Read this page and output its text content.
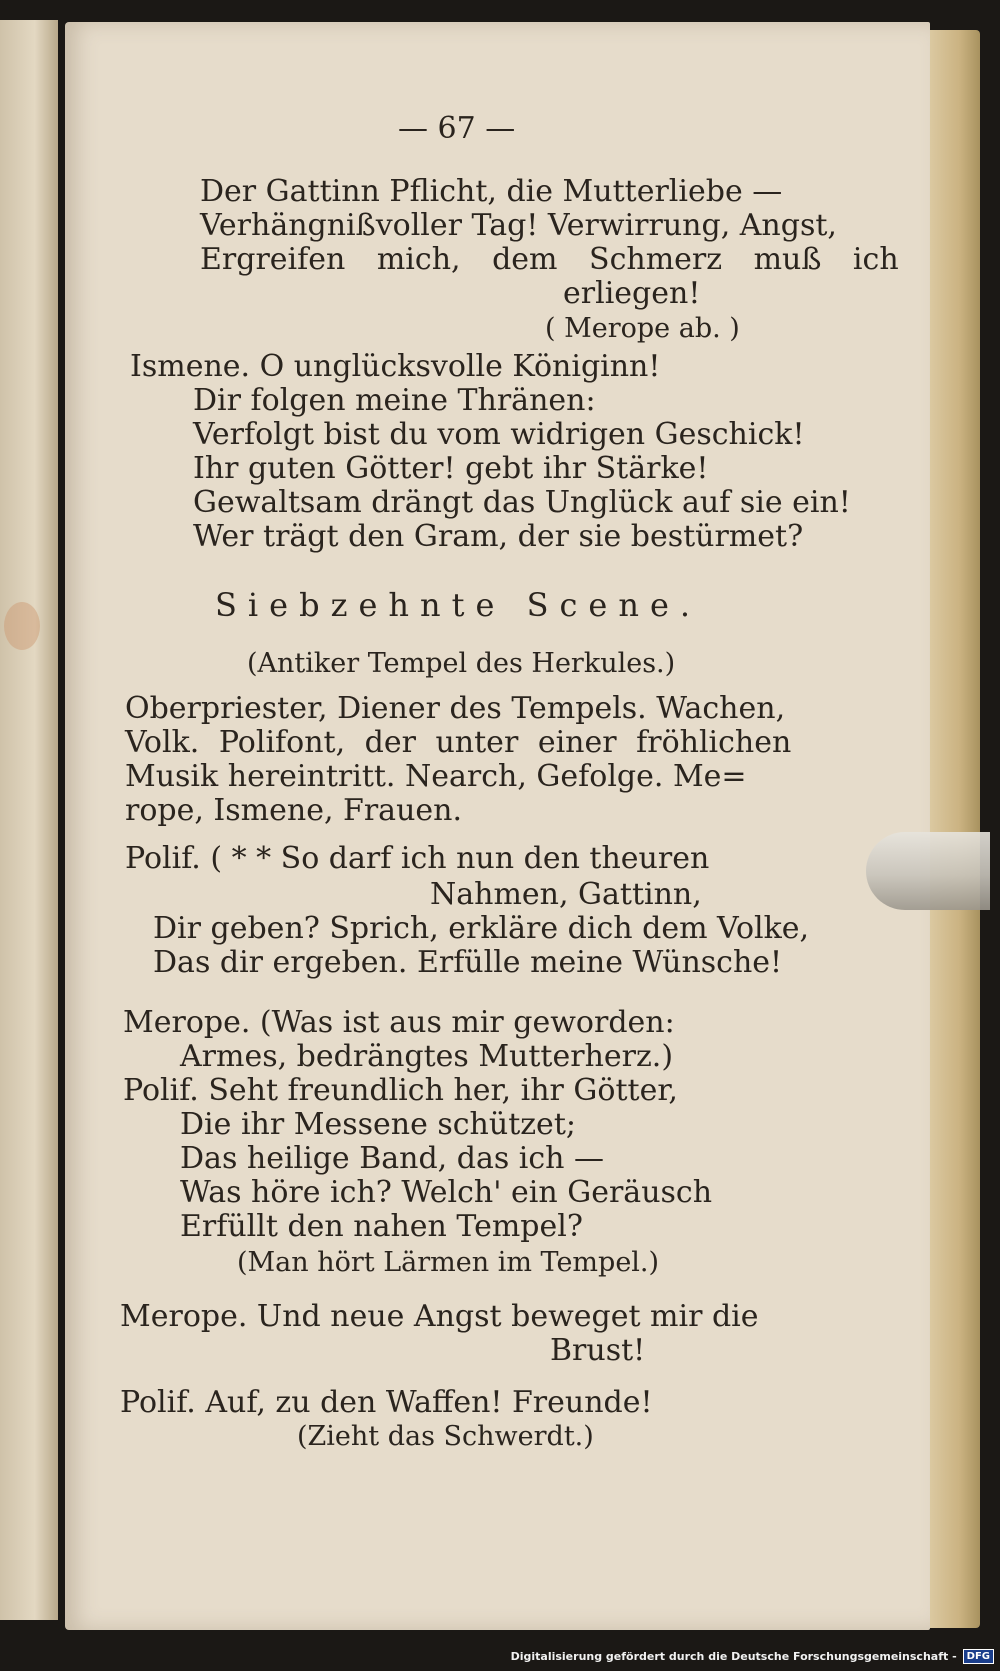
— 67 —
Der Gattinn Pflicht, die Mutterliebe —
Verhängnißvoller Tag! Verwirrung, Angst,
Ergreifen mich, dem Schmerz muß ich
erliegen!
( Merope ab. )
Ismene. O unglücksvolle Königinn!
Dir folgen meine Thränen:
Verfolgt bist du vom widrigen Geschick!
Ihr guten Götter! gebt ihr Stärke!
Gewaltsam drängt das Unglück auf sie ein!
Wer trägt den Gram, der sie bestürmet?
Siebzehnte Scene.
(Antiker Tempel des Herkules.)
Oberpriester, Diener des Tempels. Wachen,
Volk. Polifont, der unter einer fröhlichen
Musik hereintritt. Nearch, Gefolge. Me=
rope, Ismene, Frauen.
Polif. ( * * So darf ich nun den theuren
Nahmen, Gattinn,
Dir geben? Sprich, erkläre dich dem Volke,
Das dir ergeben. Erfülle meine Wünsche!
Merope. (Was ist aus mir geworden:
Armes, bedrängtes Mutterherz.)
Polif. Seht freundlich her, ihr Götter,
Die ihr Messene schützet;
Das heilige Band, das ich —
Was höre ich? Welch' ein Geräusch
Erfüllt den nahen Tempel?
(Man hört Lärmen im Tempel.)
Merope. Und neue Angst beweget mir die
Brust!
Polif. Auf, zu den Waffen! Freunde!
(Zieht das Schwerdt.)
Digitalisierung gefördert durch die Deutsche Forschungsgemeinschaft -	DFG
